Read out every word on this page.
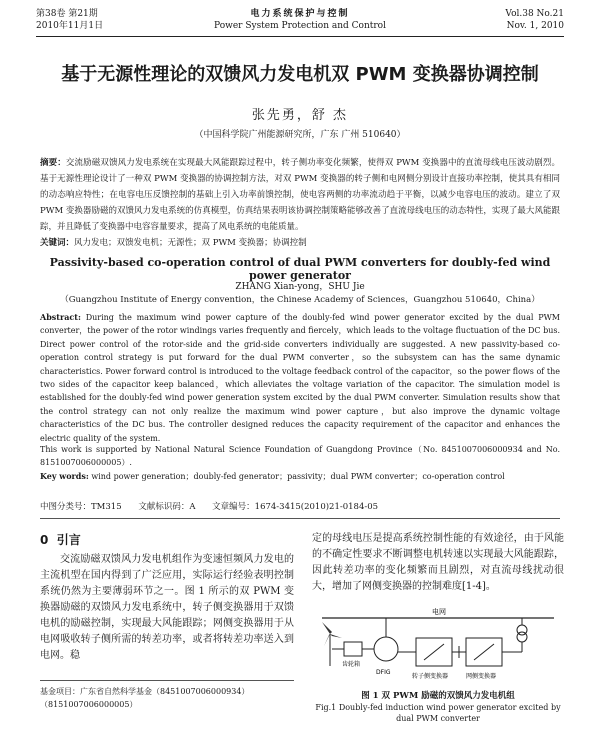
第38卷 第21期
2010年11月1日
电力系统保护与控制
Power System Protection and Control
Vol.38 No.21
Nov. 1, 2010
基于无源性理论的双馈风力发电机双 PWM 变换器协调控制
张先勇，舒 杰
（中国科学院广州能源研究所，广东 广州 510640）
摘要：交流励磁双馈风力发电系统在实现最大风能跟踪过程中，转子侧功率变化频繁，使得双 PWM 变换器中的直流母线电压波动剧烈。基于无源性理论设计了一种双 PWM 变换器的协调控制方法，对双 PWM 变换器的转子侧和电网侧分别设计直接功率控制，使其具有相同的动态响应特性；在电容电压反馈控制的基础上引入功率前馈控制，使电容两侧的功率流动趋于平衡，以减少电容电压的波动。建立了双 PWM 变换器励磁的双馈风力发电系统的仿真模型，仿真结果表明该协调控制策略能够改善了直流母线电压的动态特性，实现了最大风能跟踪，并且降低了变换器中电容容量要求，提高了风电系统的电能质量。
关键词：风力发电；双馈发电机；无源性；双 PWM 变换器；协调控制
Passivity-based co-operation control of dual PWM converters for doubly-fed wind power generator
ZHANG Xian-yong，SHU Jie
（Guangzhou Institute of Energy convention，the Chinese Academy of Sciences，Guangzhou 510640，China）
Abstract: During the maximum wind power capture of the doubly-fed wind power generator excited by the dual PWM converter，the power of the rotor windings varies frequently and fiercely，which leads to the voltage fluctuation of the DC bus. Direct power control of the rotor-side and the grid-side converters individually are suggested. A new passivity-based co-operation control strategy is put forward for the dual PWM converter，so the subsystem can has the same dynamic characteristics. Power forward control is introduced to the voltage feedback control of the capacitor，so the power flows of the two sides of the capacitor keep balanced，which alleviates the voltage variation of the capacitor. The simulation model is established for the doubly-fed wind power generation system excited by the dual PWM converter. Simulation results show that the control strategy can not only realize the maximum wind power capture，but also improve the dynamic voltage characteristics of the DC bus. The controller designed reduces the capacity requirement of the capacitor and enhances the electric quality of the system.
This work is supported by National Natural Science Foundation of Guangdong Province（No. 8451007006000934 and No. 8151007006000005）.
Key words: wind power generation；doubly-fed generator；passivity；dual PWM converter；co-operation control
中图分类号：TM315 文献标识码：A 文章编号：1674-3415(2010)21-0184-05
0 引言

交流励磁双馈风力发电机组作为变速恒频风力发电的主流机型在国内得到了广泛应用，实际运行经验表明控制系统仍然为主要薄弱环节之一。图 1 所示的双 PWM 变换器励磁的双馈风力发电系统中，转子侧变换器用于双馈电机的励磁控制，实现最大风能跟踪；网侧变换器用于从电网吸收转子侧所需的转差功率，或者将转差功率送入到电网。稳

基金项目：广东省自然科学基金（8451007006000934）（8151007006000005）

定的母线电压是提高系统控制性能的有效途径，由于风能的不确定性要求不断调整电机转速以实现最大风能跟踪，因此转差功率的变化频繁而且剧烈，对直流母线扰动很大，增加了网侧变换器的控制难度[1-4]。

电网
齿轮箱
DFIG
转子侧变换器	网侧变换器
图 1 双 PWM 励磁的双馈风力发电机组
Fig.1 Doubly-fed induction wind power generator excited by dual PWM converter
